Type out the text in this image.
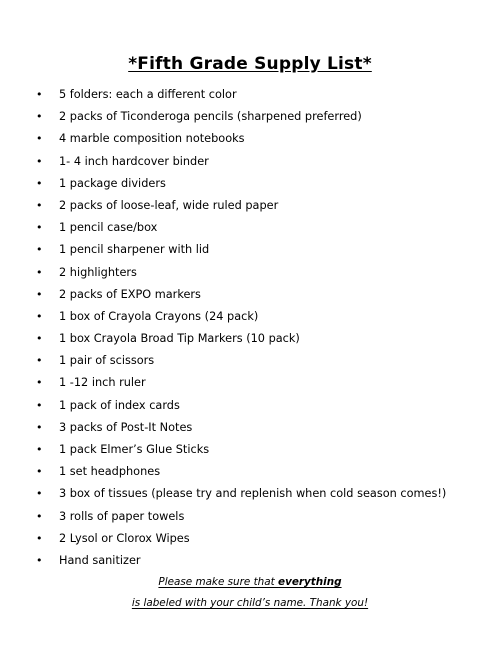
*Fifth Grade Supply List*
• 5 folders: each a different color
• 2 packs of Ticonderoga pencils (sharpened preferred)
• 4 marble composition notebooks
• 1- 4 inch hardcover binder
• 1 package dividers
• 2 packs of loose-leaf, wide ruled paper
• 1 pencil case/box
• 1 pencil sharpener with lid
• 2 highlighters
• 2 packs of EXPO markers
• 1 box of Crayola Crayons (24 pack)
• 1 box Crayola Broad Tip Markers (10 pack)
• 1 pair of scissors
• 1 -12 inch ruler
• 1 pack of index cards
• 3 packs of Post-It Notes
• 1 pack Elmer’s Glue Sticks
• 1 set headphones
• 3 box of tissues (please try and replenish when cold season comes!)
• 3 rolls of paper towels
• 2 Lysol or Clorox Wipes
• Hand sanitizer
Please make sure that everything
is labeled with your child’s name. Thank you!
